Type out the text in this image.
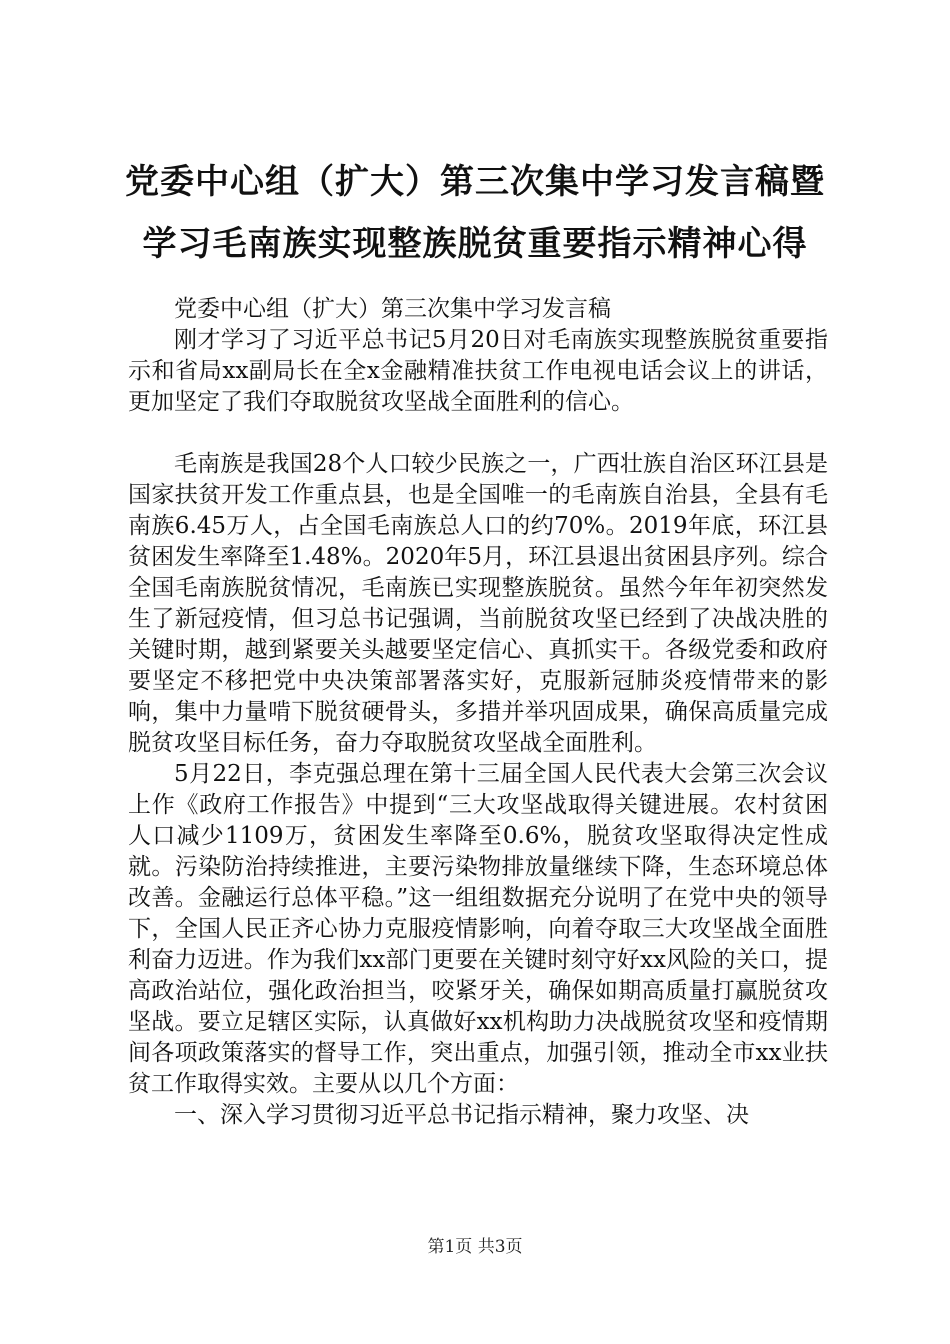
党委中心组（扩大）第三次集中学习发言稿暨
学习毛南族实现整族脱贫重要指示精神心得

党委中心组（扩大）第三次集中学习发言稿

刚才学习了习近平总书记5月20日对毛南族实现整族脱贫重要指示和省局xx副局长在全x金融精准扶贫工作电视电话会议上的讲话，更加坚定了我们夺取脱贫攻坚战全面胜利的信心。

毛南族是我国28个人口较少民族之一，广西壮族自治区环江县是国家扶贫开发工作重点县，也是全国唯一的毛南族自治县，全县有毛南族6.45万人，占全国毛南族总人口的约70%。2019年底，环江县贫困发生率降至1.48%。2020年5月，环江县退出贫困县序列。综合全国毛南族脱贫情况，毛南族已实现整族脱贫。虽然今年年初突然发生了新冠疫情，但习总书记强调，当前脱贫攻坚已经到了决战决胜的关键时期，越到紧要关头越要坚定信心、真抓实干。各级党委和政府要坚定不移把党中央决策部署落实好，克服新冠肺炎疫情带来的影响，集中力量啃下脱贫硬骨头，多措并举巩固成果，确保高质量完成脱贫攻坚目标任务，奋力夺取脱贫攻坚战全面胜利。

5月22日，李克强总理在第十三届全国人民代表大会第三次会议上作《政府工作报告》中提到“三大攻坚战取得关键进展。农村贫困人口减少1109万，贫困发生率降至0.6%，脱贫攻坚取得决定性成就。污染防治持续推进，主要污染物排放量继续下降，生态环境总体改善。金融运行总体平稳。”这一组组数据充分说明了在党中央的领导下，全国人民正齐心协力克服疫情影响，向着夺取三大攻坚战全面胜利奋力迈进。作为我们xx部门更要在关键时刻守好xx风险的关口，提高政治站位，强化政治担当，咬紧牙关，确保如期高质量打赢脱贫攻坚战。要立足辖区实际，认真做好xx机构助力决战脱贫攻坚和疫情期间各项政策落实的督导工作，突出重点，加强引领，推动全市xx业扶贫工作取得实效。主要从以几个方面：

一、深入学习贯彻习近平总书记指示精神，聚力攻坚、决

第1页 共3页
